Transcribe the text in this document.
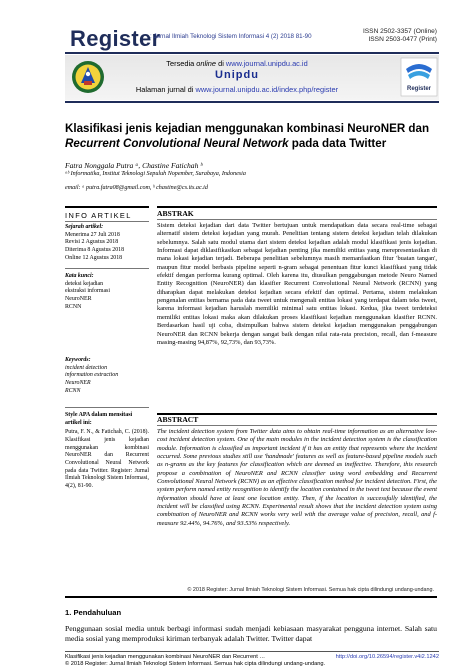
Register
: Jurnal Ilmiah Teknologi Sistem Informasi 4 (2) 2018 81-90
ISSN 2502-3357 (Online)
ISSN 2503-0477 (Print)
Tersedia online di www.journal.unipdu.ac.id
Unipdu
Halaman jurnal di www.journal.unipdu.ac.id/index.php/register	Register
Klasifikasi jenis kejadian menggunakan kombinasi NeuroNER dan Recurrent Convolutional Neural Network pada data Twitter
Fatra Nonggala Putra ᵃ, Chastine Fatichah ᵇ
ᵃᵇ Informatika, Institut Teknologi Sepuluh Nopember, Surabaya, Indonesia
email: ᵃ putra.fatra08@gmail.com, ᵇ chastine@cs.its.ac.id
INFO ARTIKEL
Sejarah artikel:
Menerima 27 Juli 2018
Revisi 2 Agustus 2018
Diterima 8 Agustus 2018
Online 12 Agustus 2018
Kata kunci:
deteksi kejadian
ekstraksi informasi
NeuroNER
RCNN
Keywords:
incident detection
information extraction
NeuroNER
RCNN
Style APA dalam mensitasi
artikel ini:
Putra, F. N., & Fatichah, C. (2018). Klasifikasi jenis kejadian menggunakan kombinasi NeuroNER dan Recurrent Convolutional Neural Network pada data Twitter. Register: Jurnal Ilmiah Teknologi Sistem Informasi, 4(2), 81-90.
ABSTRAK
Sistem deteksi kejadian dari data Twitter bertujuan untuk mendapatkan data secara real-time sebagai alternatif sistem deteksi kejadian yang murah. Penelitian tentang sistem deteksi kejadian telah dilakukan sebelumnya. Salah satu modul utama dari sistem deteksi kejadian adalah modul klasifikasi jenis kejadian. Informasi dapat diklasifikasikan sebagai kejadian penting jika memiliki entitas yang merepresentasikan di mana lokasi kejadian terjadi. Beberapa penelitian sebelumnya masih memanfaatkan fitur 'buatan tangan', maupun fitur model berbasis pipeline seperti n-gram sebagai penentuan fitur kunci klasifikasi yang tidak efektif dengan performa kurang optimal. Oleh karena itu, diusulkan penggabungan metode Neuro Named Entity Recognition (NeuroNER) dan klasifier Recurrent Convolutional Neural Network (RCNN) yang diharapkan dapat melakukan deteksi kejadian secara efektif dan optimal. Pertama, sistem melakukan pengenalan entitas bernama pada data tweet untuk mengenali entitas lokasi yang terdapat dalam teks tweet, karena informasi kejadian haruslah memiliki minimal satu entitas lokasi. Kedua, jika tweet terdeteksi memiliki entitas lokasi maka akan dilakukan proses klasifikasi kejadian menggunakan klasifier RCNN. Berdasarkan hasil uji coba, disimpulkan bahwa sistem deteksi kejadian menggunakan penggabungan NeuroNER dan RCNN bekerja dengan sangat baik dengan nilai rata-rata precision, recall, dan f-measure masing-masing 94,87%, 92,73%, dan 93,73%.
ABSTRACT
The incident detection system from Twitter data aims to obtain real-time information as an alternative low-cost incident detection system. One of the main modules in the incident detection system is the classification module. Information is classified as important incident if it has an entity that represents where the incident occurred. Some previous studies still use 'handmade' features as well as feature-based pipeline models such as n-grams as the key features for classification which are deemed as ineffective. Therefore, this research propose a combination of NeuroNER and RCNN classifier using word embedding and Recurrent Convolutional Neural Network (RCNN) as an effective classification method for incident detection. First, the system perform named entity recognition to identify the location contained in the tweet text because the event information should have at least one location entity. Then, if the location is successfully identified, the incident will be classified using RCNN. Experimental result shows that the incident detection system using combination of NeuroNER and RCNN works very well with the average value of precision, recall, and f-measure 92.44%, 94.76%, and 93.53% respectively.
© 2018 Register: Jurnal Ilmiah Teknologi Sistem Informasi. Semua hak cipta dilindungi undang-undang.
1. Pendahuluan
Penggunaan sosial media untuk berbagi informasi sudah menjadi kebiasaan masyarakat pengguna internet. Salah satu media sosial yang memproduksi kiriman terbanyak adalah Twitter. Twitter dapat
Klasifikasi jenis kejadian menggunakan kombinasi NeuroNER dan Recurrent …
© 2018 Register: Jurnal Ilmiah Teknologi Sistem Informasi. Semua hak cipta dilindungi undang-undang.
http://doi.org/10.26594/register.v4i2.1242
